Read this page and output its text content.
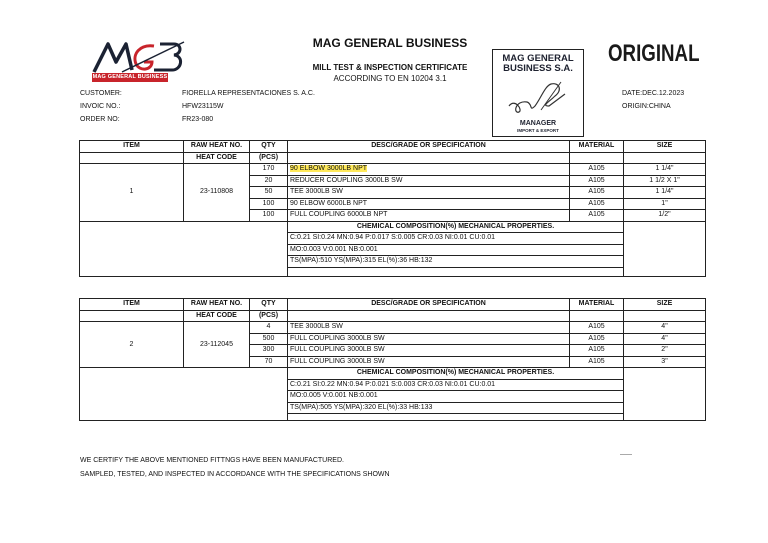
MAG GENERAL BUSINESS
MAG GENERAL BUSINESS
MILL TEST & INSPECTION CERTIFICATE
ACCORDING TO EN 10204 3.1
MAG GENERAL
BUSINESS S.A.
MANAGER
IMPORT & EXPORT
ORIGINAL
CUSTOMER:	FIORELLA REPRESENTACIONES S. A.C.
INVOIC NO.:	HFW23115W
ORDER NO:	FR23-080
DATE:DEC.12.2023
ORIGIN:CHINA
ITEM	RAW HEAT NO.	QTY	DESC/GRADE OR SPECIFICATION	MATERIAL	SIZE
	HEAT CODE	(PCS)			
1	23-110808	170	90 ELBOW 3000LB NPT	A105	1 1/4"
		20	REDUCER COUPLING 3000LB SW	A105	1 1/2 X 1"
		50	TEE 3000LB SW	A105	1 1/4"
		100	90 ELBOW 6000LB NPT	A105	1"
		100	FULL COUPLING 6000LB NPT	A105	1/2"
			CHEMICAL COMPOSITION(%) MECHANICAL PROPERTIES.		
			C:0.21 SI:0.24 MN:0.94 P:0.017 S:0.005 CR:0.03 NI:0.01 CU:0.01		
			MO:0.003 V:0.001 NB:0.001		
			TS(MPA):510 YS(MPA):315 EL(%):36 HB:132		

ITEM	RAW HEAT NO.	QTY	DESC/GRADE OR SPECIFICATION	MATERIAL	SIZE
	HEAT CODE	(PCS)			
2	23-112045	4	TEE 3000LB SW	A105	4"
		500	FULL COUPLING 3000LB SW	A105	4"
		300	FULL COUPLING 3000LB SW	A105	2"
		70	FULL COUPLING 3000LB SW	A105	3"
			CHEMICAL COMPOSITION(%) MECHANICAL PROPERTIES.		
			C:0.21 SI:0.22 MN:0.94 P:0.021 S:0.003 CR:0.03 NI:0.01 CU:0.01		
			MO:0.005 V:0.001 NB:0.001		
			TS(MPA):505 YS(MPA):320 EL(%):33 HB:133		

WE CERTIFY THE ABOVE MENTIONED FITTNGS HAVE BEEN MANUFACTURED.
SAMPLED, TESTED, AND INSPECTED IN ACCORDANCE WITH THE SPECIFICATIONS SHOWN
